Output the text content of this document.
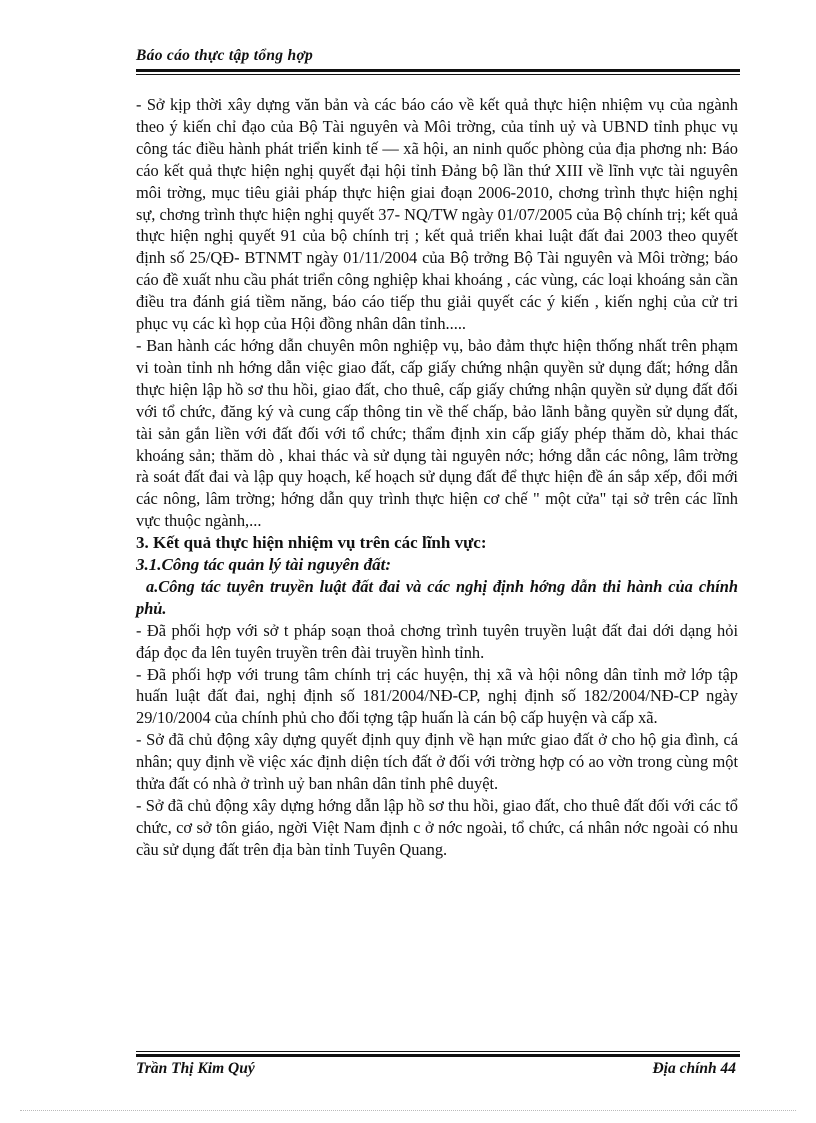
Báo cáo thực tập tổng hợp

- Sở kịp thời xây dựng văn bản và các báo cáo về kết quả thực hiện nhiệm vụ của ngành theo ý kiến chỉ đạo của Bộ Tài nguyên và Môi trờng, của tỉnh uỷ và UBND tỉnh phục vụ công tác điều hành phát triển kinh tế — xã hội, an ninh quốc phòng của địa phơng nh: Báo cáo kết quả thực hiện nghị quyết đại hội tỉnh Đảng bộ lần thứ XIII về lĩnh vực tài nguyên môi trờng, mục tiêu giải pháp thực hiện giai đoạn 2006-2010, chơng trình thực hiện nghị sự, chơng trình thực hiện nghị quyết 37- NQ/TW ngày 01/07/2005 của Bộ chính trị; kết quả thực hiện nghị quyết 91 của bộ chính trị ; kết quả triển khai luật đất đai 2003 theo quyết định số 25/QĐ- BTNMT ngày 01/11/2004 của Bộ trởng Bộ Tài nguyên và Môi trờng; báo cáo đề xuất nhu cầu phát triển công nghiệp khai khoáng , các vùng, các loại khoáng sản cần điều tra đánh giá tiềm năng, báo cáo tiếp thu giải quyết các ý kiến , kiến nghị của cử tri phục vụ các kì họp của Hội đồng nhân dân tỉnh.....

- Ban hành các hớng dẫn chuyên môn nghiệp vụ, bảo đảm thực hiện thống nhất trên phạm vi toàn tỉnh nh hớng dẫn việc giao đất, cấp giấy chứng nhận quyền sử dụng đất; hớng dẫn thực hiện lập hồ sơ thu hồi, giao đất, cho thuê, cấp giấy chứng nhận quyền sử dụng đất đối với tổ chức, đăng ký và cung cấp thông tin về thế chấp, bảo lãnh bằng quyền sử dụng đất, tài sản gắn liền với đất đối với tổ chức; thẩm định xin cấp giấy phép thăm dò, khai thác khoáng sản; thăm dò , khai thác và sử dụng tài nguyên nớc; hớng dẫn các nông, lâm trờng rà soát đất đai và lập quy hoạch, kế hoạch sử dụng đất để thực hiện đề án sắp xếp, đổi mới các nông, lâm trờng; hớng dẫn quy trình thực hiện cơ chế " một cửa" tại sở trên các lĩnh vực thuộc ngành,...

3. Kết quả thực hiện nhiệm vụ trên các lĩnh vực:

3.1.Công tác quản lý tài nguyên đất:

a.Công tác tuyên truyền luật đất đai và các nghị định hớng dẫn thi hành của chính phủ.

- Đã phối hợp với sở t pháp soạn thoả chơng trình tuyên truyền luật đất đai dới dạng hỏi đáp đọc đa lên tuyên truyền trên đài truyền hình tỉnh.

- Đã phối hợp với trung tâm chính trị các huyện, thị xã và hội nông dân tỉnh mở lớp tập huấn luật đất đai, nghị định số 181/2004/NĐ-CP, nghị định số 182/2004/NĐ-CP ngày 29/10/2004 của chính phủ cho đối tợng tập huấn là cán bộ cấp huyện và cấp xã.

- Sở đã chủ động xây dựng quyết định quy định về hạn mức giao đất ở cho hộ gia đình, cá nhân; quy định về việc xác định diện tích đất ở đối với trờng hợp có ao vờn trong cùng một thửa đất có nhà ở trình uỷ ban nhân dân tỉnh phê duyệt.

- Sở đã chủ động xây dựng hớng dẫn lập hồ sơ thu hồi, giao đất, cho thuê đất đối với các tổ chức, cơ sở tôn giáo, ngời Việt Nam định c ở nớc ngoài, tổ chức, cá nhân nớc ngoài có nhu cầu sử dụng đất trên địa bàn tỉnh Tuyên Quang.

Trần Thị Kim Quý	Địa chính 44
